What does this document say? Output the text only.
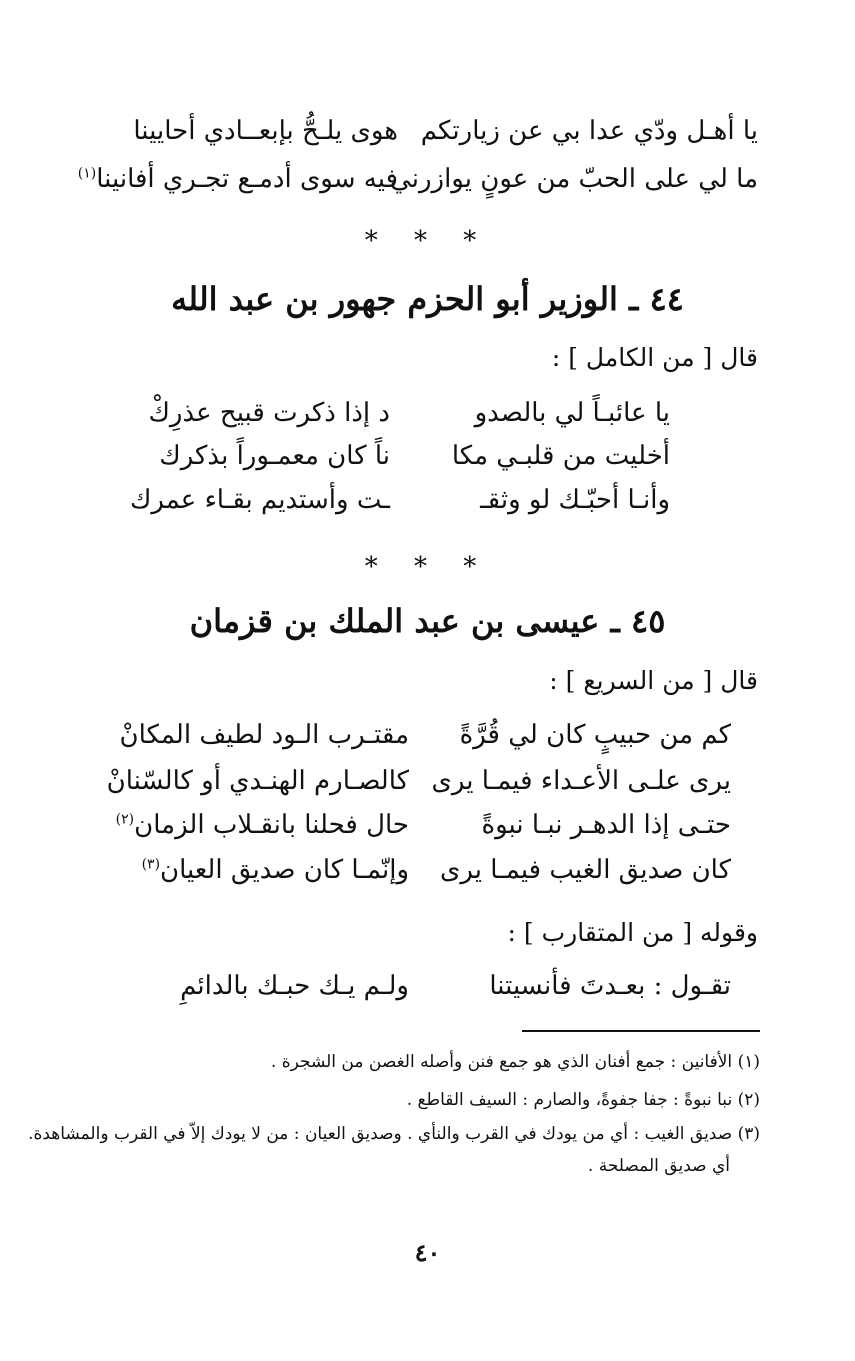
يا أهـل ودّي عدا بي عن زيارتكم
هوى يلـحُّ بإبعــادي أحايينا
ما لي على الحبّ من عونٍ يوازرني
فيه سوى أدمـع تجـري أفانينا$^{(١)}$
* * *
٤٤ ـ الوزير أبو الحزم جهور بن عبد الله
قال [ من الكامل ] :
يا عائبـاً لي بالصدو
د إذا ذكرت قبيح عذرِكْ
أخليت من قلبـي مكا
ناً كان معمـوراً بذكرك
وأنـا أحبّـك لو وثقـ
ـت وأستديم بقـاء عمرك
* * *
٤٥ ـ عيسى بن عبد الملك بن قزمان
قال [ من السريع ] :
كم من حبيبٍ كان لي قُرَّةً
مقتـرب الـود لطيف المكانْ
يرى علـى الأعـداء فيمـا يرى
كالصـارم الهنـدي أو كالسّنانْ
حتـى إذا الدهـر نبـا نبوةً
حال فحلنا بانقـلاب الزمان$^{(٢)}$
كان صديق الغيب فيمـا يرى
وإنّمـا كان صديق العيان$^{(٣)}$
وقوله [ من المتقارب ] :
تقـول : بعـدتَ فأنسيتنا
ولـم يـك حبـك بالدائمِ
(١) الأفانين : جمع أفنان الذي هو جمع فنن وأصله الغصن من الشجرة .
(٢) نبا نبوةً : جفا جفوةً، والصارم : السيف القاطع .
(٣) صديق الغيب : أي من يودك في القرب والنأي . وصديق العيان : من لا يودك إلاّ في القرب والمشاهدة.
أي صديق المصلحة .
٤٠
